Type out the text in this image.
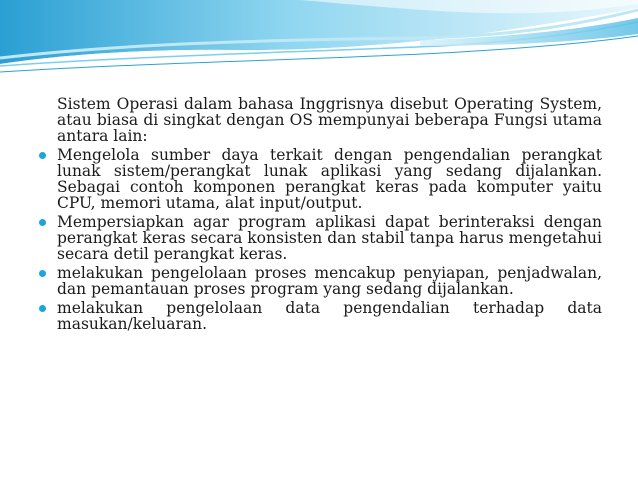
Sistem Operasi dalam bahasa Inggrisnya disebut Operating System, atau biasa di singkat dengan OS mempunyai beberapa Fungsi utama antara lain:

Mengelola sumber daya terkait dengan pengendalian perangkat lunak sistem/perangkat lunak aplikasi yang sedang dijalankan. Sebagai contoh komponen perangkat keras pada komputer yaitu CPU, memori utama, alat input/output.
Mempersiapkan agar program aplikasi dapat berinteraksi dengan perangkat keras secara konsisten dan stabil tanpa harus mengetahui secara detil perangkat keras.
melakukan pengelolaan proses mencakup penyiapan, penjadwalan, dan pemantauan proses program yang sedang dijalankan.
melakukan pengelolaan data pengendalian terhadap data masukan/keluaran.
